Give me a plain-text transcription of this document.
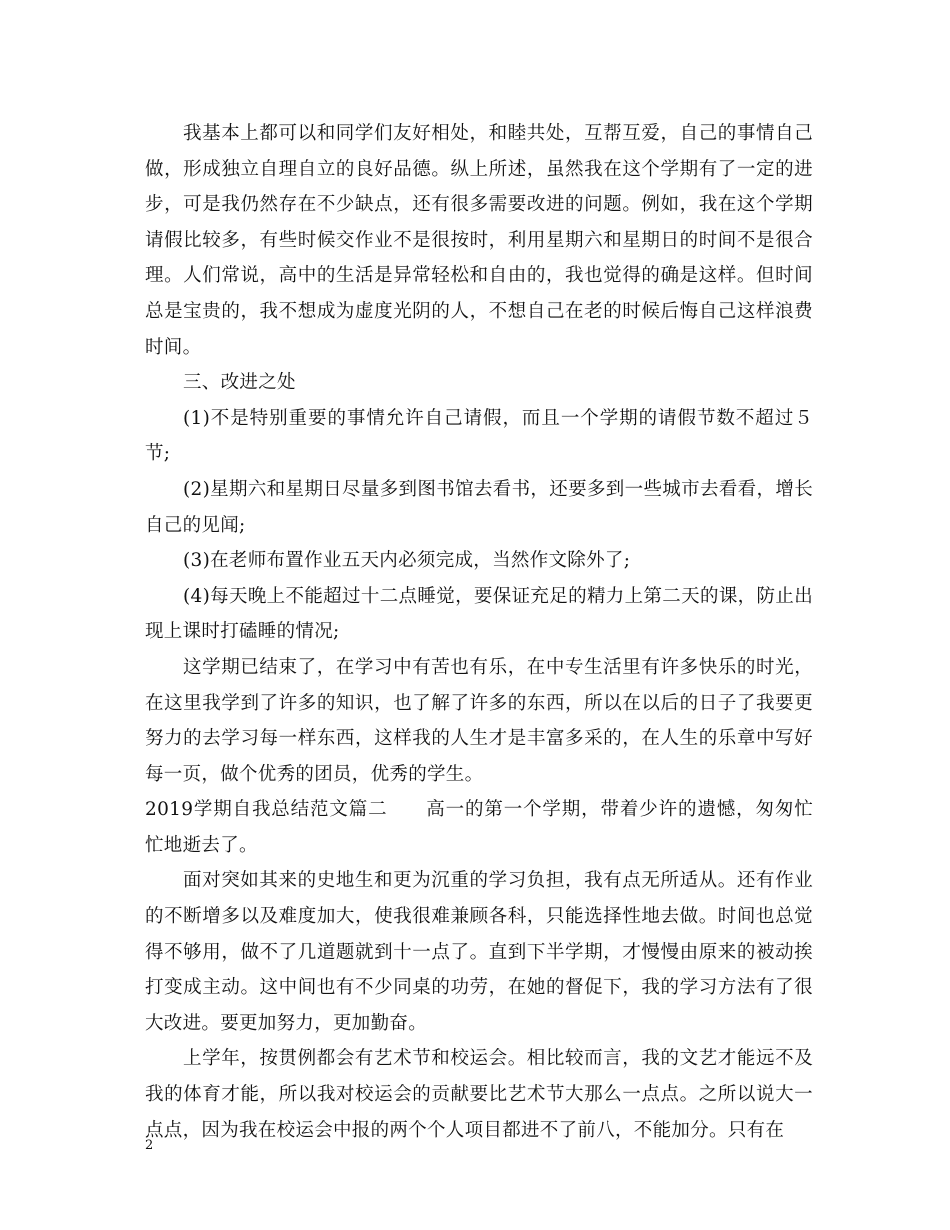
我基本上都可以和同学们友好相处，和睦共处，互帮互爱，自己的事情自己做，形成独立自理自立的良好品德。纵上所述，虽然我在这个学期有了一定的进步，可是我仍然存在不少缺点，还有很多需要改进的问题。例如，我在这个学期请假比较多，有些时候交作业不是很按时，利用星期六和星期日的时间不是很合理。人们常说，高中的生活是异常轻松和自由的，我也觉得的确是这样。但时间总是宝贵的，我不想成为虚度光阴的人，不想自己在老的时候后悔自己这样浪费时间。

三、改进之处

(1)不是特别重要的事情允许自己请假，而且一个学期的请假节数不超过５节;

(2)星期六和星期日尽量多到图书馆去看书，还要多到一些城市去看看，增长自己的见闻;

(3)在老师布置作业五天内必须完成，当然作文除外了;

(4)每天晚上不能超过十二点睡觉，要保证充足的精力上第二天的课，防止出现上课时打磕睡的情况;

这学期已结束了，在学习中有苦也有乐，在中专生活里有许多快乐的时光，在这里我学到了许多的知识，也了解了许多的东西，所以在以后的日子了我要更努力的去学习每一样东西，这样我的人生才是丰富多采的，在人生的乐章中写好每一页，做个优秀的团员，优秀的学生。

2019学期自我总结范文篇二　　高一的第一个学期，带着少许的遗憾，匆匆忙忙地逝去了。

面对突如其来的史地生和更为沉重的学习负担，我有点无所适从。还有作业的不断增多以及难度加大，使我很难兼顾各科，只能选择性地去做。时间也总觉得不够用，做不了几道题就到十一点了。直到下半学期，才慢慢由原来的被动挨打变成主动。这中间也有不少同桌的功劳，在她的督促下，我的学习方法有了很大改进。要更加努力，更加勤奋。

上学年，按贯例都会有艺术节和校运会。相比较而言，我的文艺才能远不及我的体育才能，所以我对校运会的贡献要比艺术节大那么一点点。之所以说大一点点，因为我在校运会中报的两个个人项目都进不了前八，不能加分。只有在

2
